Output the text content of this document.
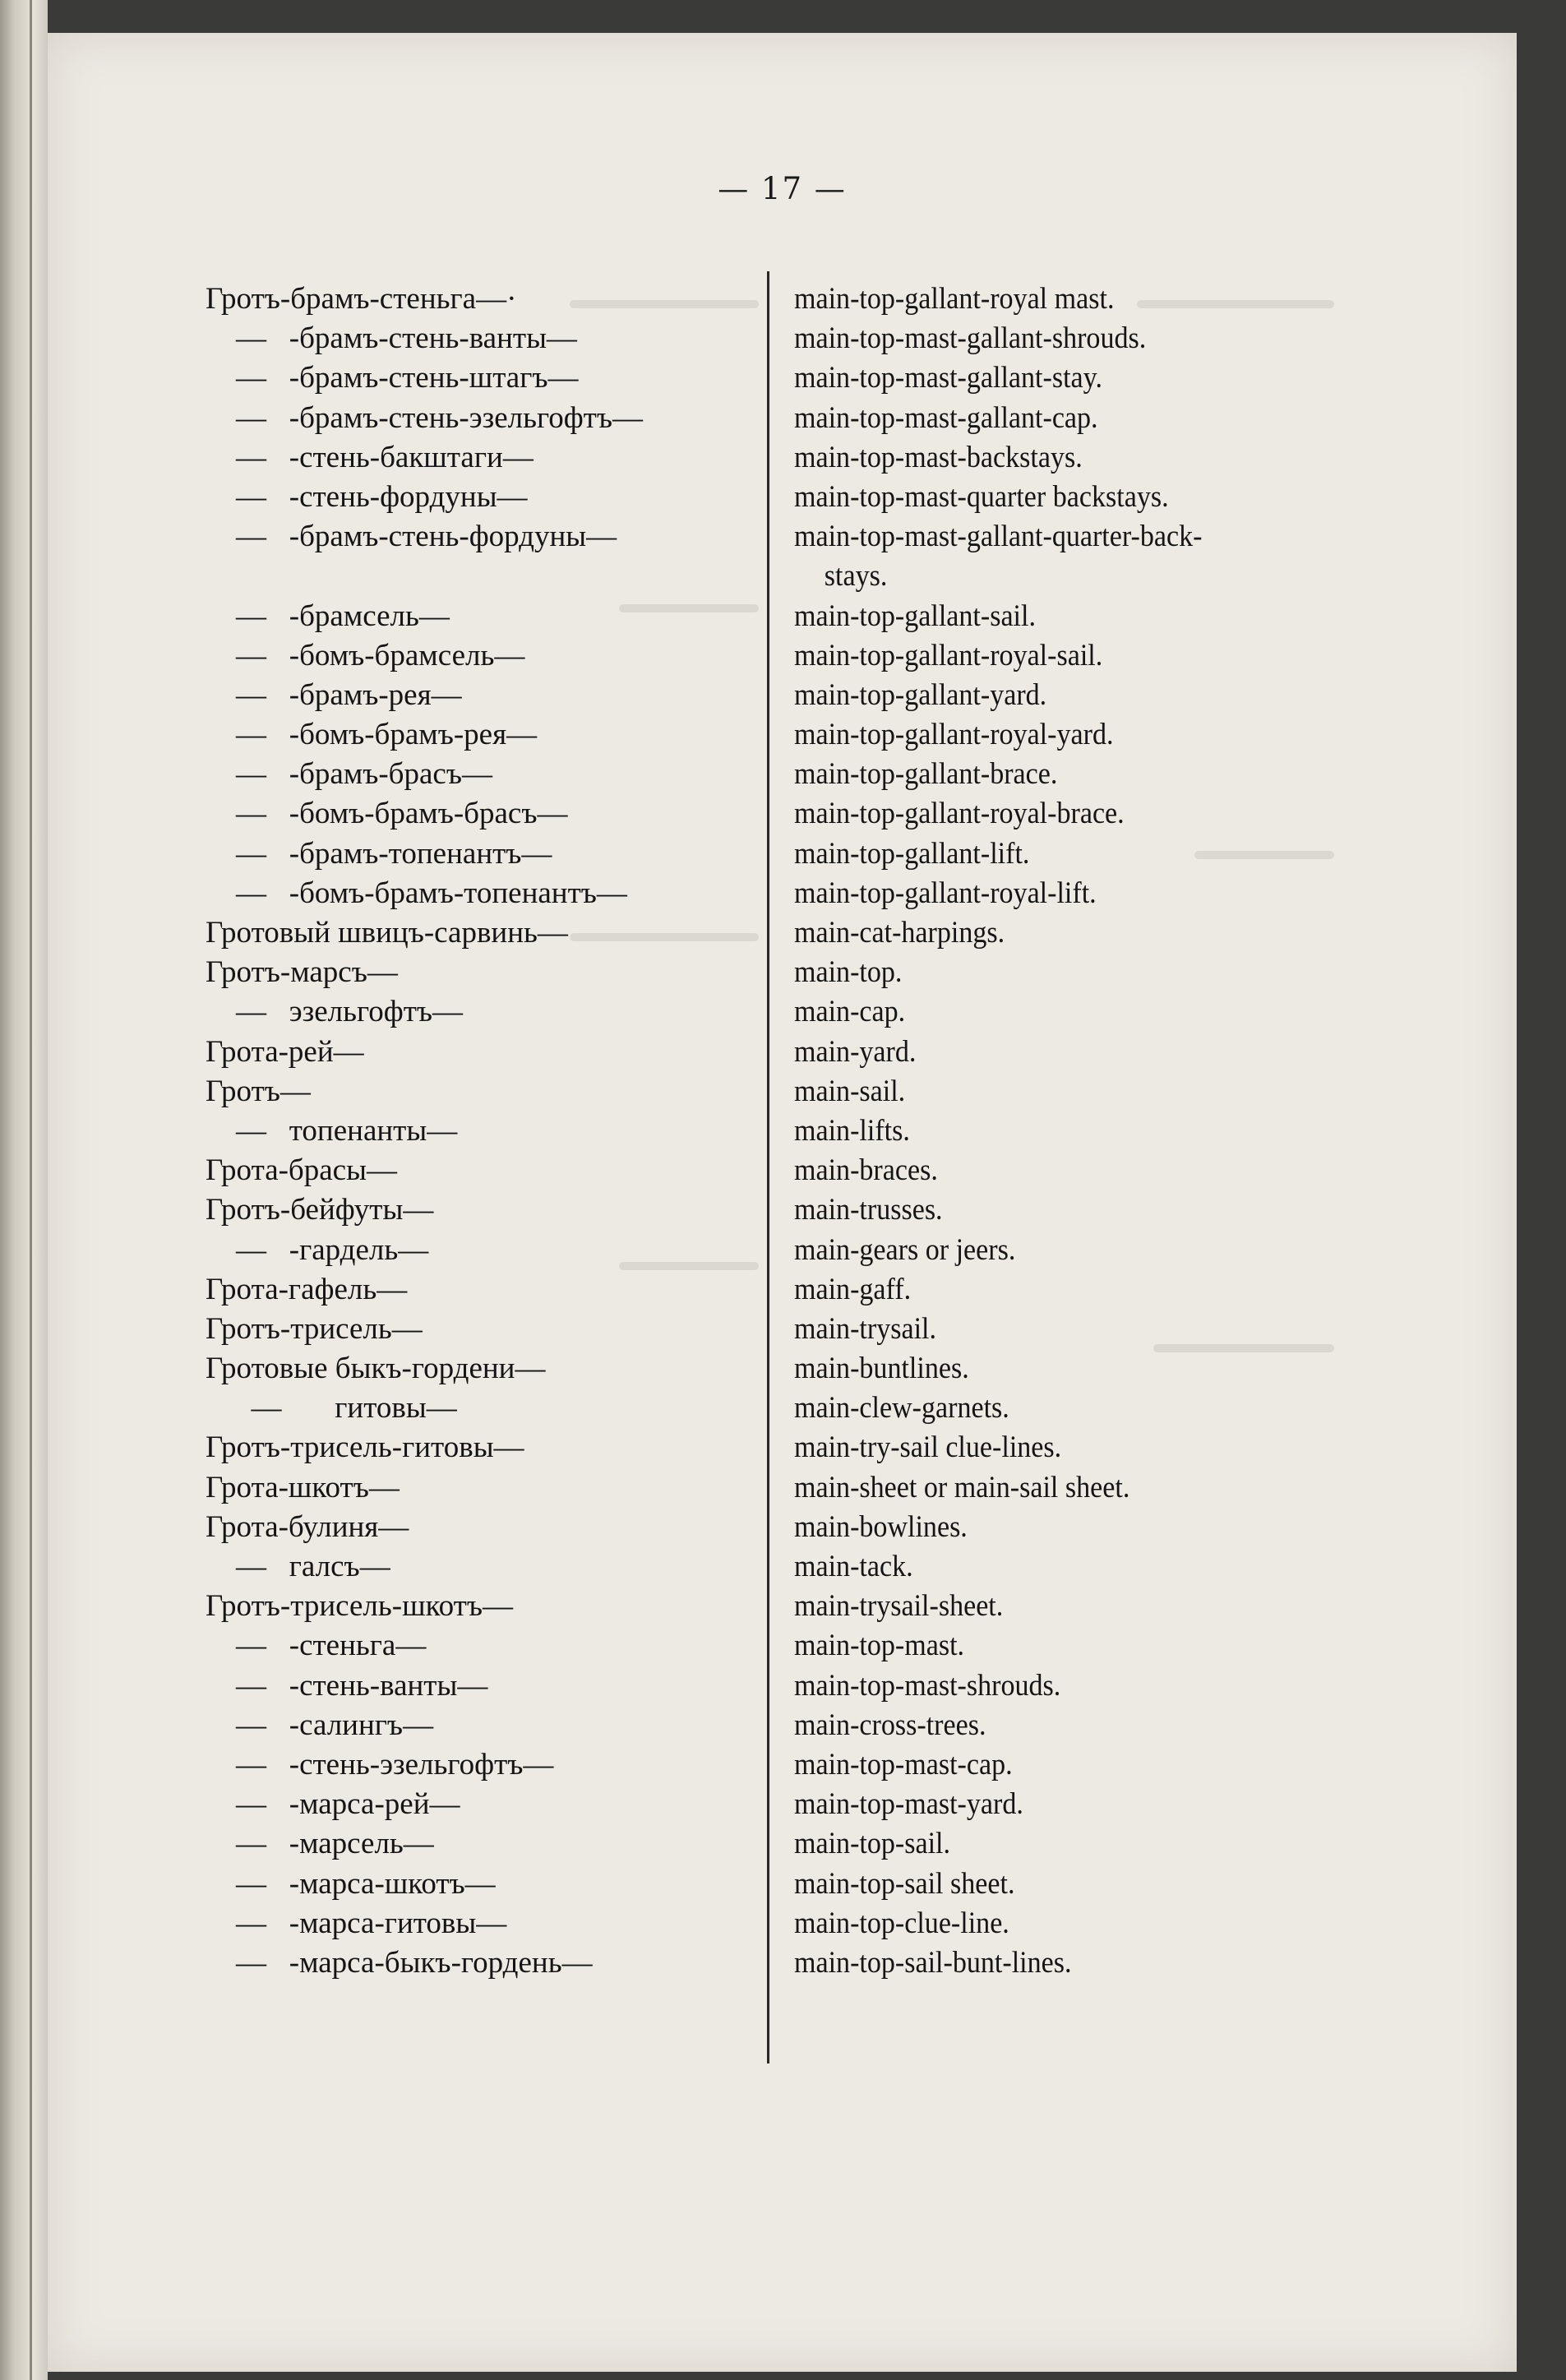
— 17 —
Гротъ-брамъ-стеньга—·
—   -брамъ-стень-ванты—
—   -брамъ-стень-штагъ—
—   -брамъ-стень-эзельгофтъ—
—   -стень-бакштаги—
—   -стень-фордуны—
—   -брамъ-стень-фордуны—
—   -брамсель—
—   -бомъ-брамсель—
—   -брамъ-рея—
—   -бомъ-брамъ-рея—
—   -брамъ-брасъ—
—   -бомъ-брамъ-брасъ—
—   -брамъ-топенантъ—
—   -бомъ-брамъ-топенантъ—
Гротовый швицъ-сарвинь—
Гротъ-марсъ—
—   эзельгофтъ—
Грота-рей—
Гротъ—
—   топенанты—
Грота-брасы—
Гротъ-бейфуты—
—   -гардель—
Грота-гафель—
Гротъ-трисель—
Гротовые быкъ-гордени—
—       гитовы—
Гротъ-трисель-гитовы—
Грота-шкотъ—
Грота-булиня—
—   галсъ—
Гротъ-трисель-шкотъ—
—   -стеньга—
—   -стень-ванты—
—   -салингъ—
—   -стень-эзельгофтъ—
—   -марса-рей—
—   -марсель—
—   -марса-шкотъ—
—   -марса-гитовы—
—   -марса-быкъ-гордень—
main-top-gallant-royal mast.
main-top-mast-gallant-shrouds.
main-top-mast-gallant-stay.
main-top-mast-gallant-cap.
main-top-mast-backstays.
main-top-mast-quarter backstays.
main-top-mast-gallant-quarter-back-
stays.
main-top-gallant-sail.
main-top-gallant-royal-sail.
main-top-gallant-yard.
main-top-gallant-royal-yard.
main-top-gallant-brace.
main-top-gallant-royal-brace.
main-top-gallant-lift.
main-top-gallant-royal-lift.
main-cat-harpings.
main-top.
main-cap.
main-yard.
main-sail.
main-lifts.
main-braces.
main-trusses.
main-gears or jeers.
main-gaff.
main-trysail.
main-buntlines.
main-clew-garnets.
main-try-sail clue-lines.
main-sheet or main-sail sheet.
main-bowlines.
main-tack.
main-trysail-sheet.
main-top-mast.
main-top-mast-shrouds.
main-cross-trees.
main-top-mast-cap.
main-top-mast-yard.
main-top-sail.
main-top-sail sheet.
main-top-clue-line.
main-top-sail-bunt-lines.
